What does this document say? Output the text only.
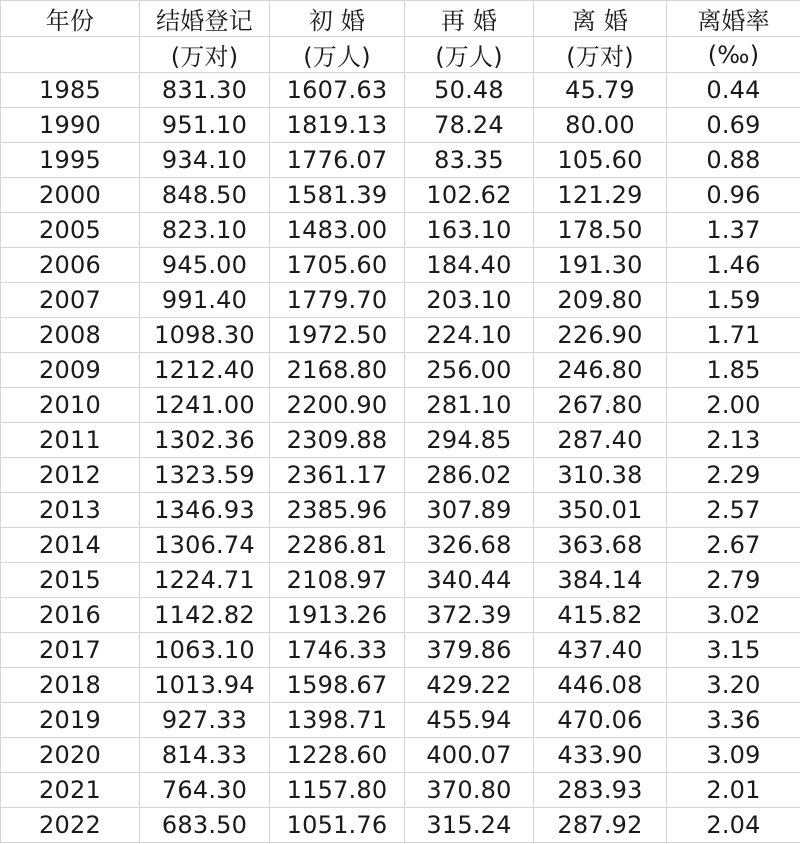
年份	结婚登记	初 婚	再 婚	离 婚	离婚率
	(万对)	(万人)	(万人)	(万对)	(‰)
1985	831.30	1607.63	50.48	45.79	0.44
1990	951.10	1819.13	78.24	80.00	0.69
1995	934.10	1776.07	83.35	105.60	0.88
2000	848.50	1581.39	102.62	121.29	0.96
2005	823.10	1483.00	163.10	178.50	1.37
2006	945.00	1705.60	184.40	191.30	1.46
2007	991.40	1779.70	203.10	209.80	1.59
2008	1098.30	1972.50	224.10	226.90	1.71
2009	1212.40	2168.80	256.00	246.80	1.85
2010	1241.00	2200.90	281.10	267.80	2.00
2011	1302.36	2309.88	294.85	287.40	2.13
2012	1323.59	2361.17	286.02	310.38	2.29
2013	1346.93	2385.96	307.89	350.01	2.57
2014	1306.74	2286.81	326.68	363.68	2.67
2015	1224.71	2108.97	340.44	384.14	2.79
2016	1142.82	1913.26	372.39	415.82	3.02
2017	1063.10	1746.33	379.86	437.40	3.15
2018	1013.94	1598.67	429.22	446.08	3.20
2019	927.33	1398.71	455.94	470.06	3.36
2020	814.33	1228.60	400.07	433.90	3.09
2021	764.30	1157.80	370.80	283.93	2.01
2022	683.50	1051.76	315.24	287.92	2.04
